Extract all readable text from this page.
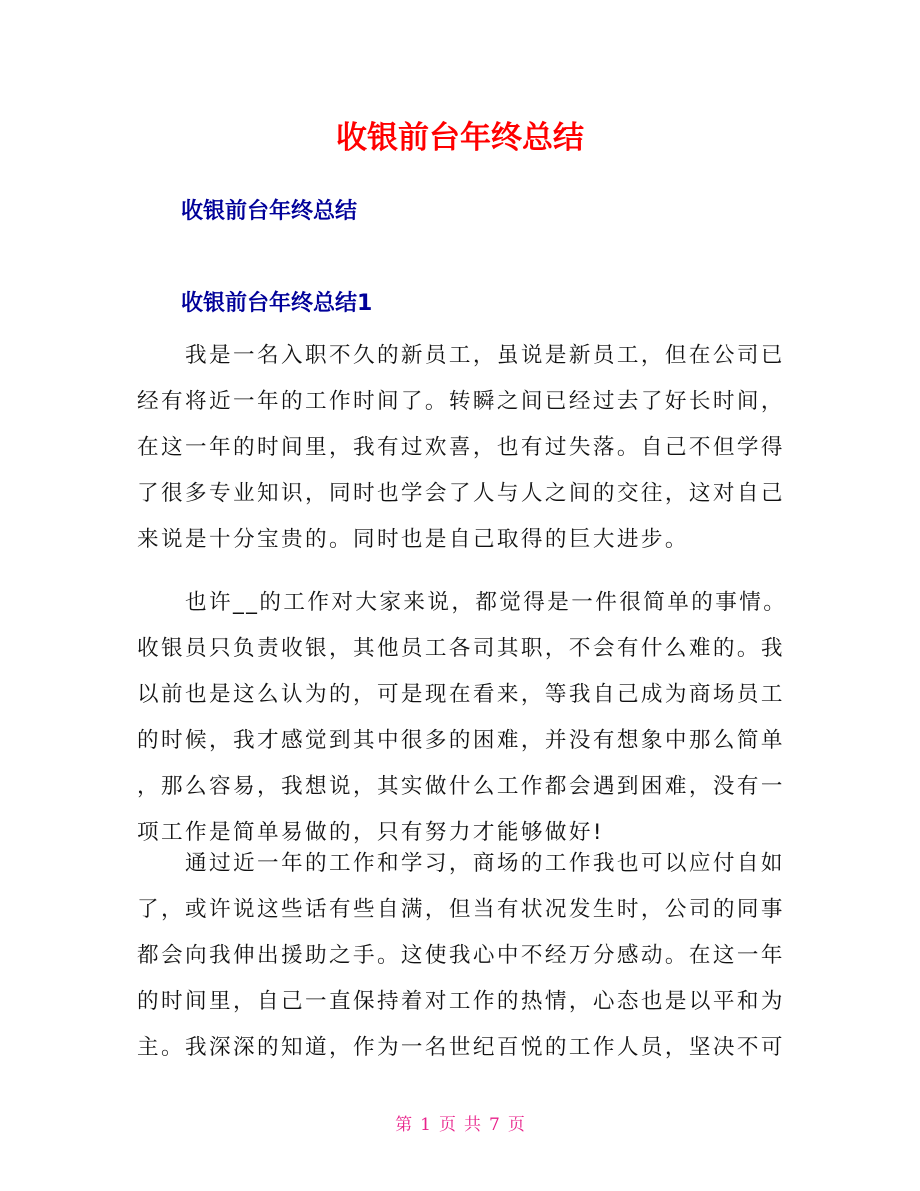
收银前台年终总结
收银前台年终总结
收银前台年终总结1
　　我是一名入职不久的新员工，虽说是新员工，但在公司已
经有将近一年的工作时间了。转瞬之间已经过去了好长时间，
在这一年的时间里，我有过欢喜，也有过失落。自己不但学得
了很多专业知识，同时也学会了人与人之间的交往，这对自己
来说是十分宝贵的。同时也是自己取得的巨大进步。
　　也许__的工作对大家来说，都觉得是一件很简单的事情。
收银员只负责收银，其他员工各司其职，不会有什么难的。我
以前也是这么认为的，可是现在看来，等我自己成为商场员工
的时候，我才感觉到其中很多的困难，并没有想象中那么简单
，那么容易，我想说，其实做什么工作都会遇到困难，没有一
项工作是简单易做的，只有努力才能够做好!
　　通过近一年的工作和学习，商场的工作我也可以应付自如
了，或许说这些话有些自满，但当有状况发生时，公司的同事
都会向我伸出援助之手。这使我心中不经万分感动。在这一年
的时间里，自己一直保持着对工作的热情，心态也是以平和为
主。我深深的知道，作为一名世纪百悦的工作人员，坚决不可
第 1 页 共 7 页
